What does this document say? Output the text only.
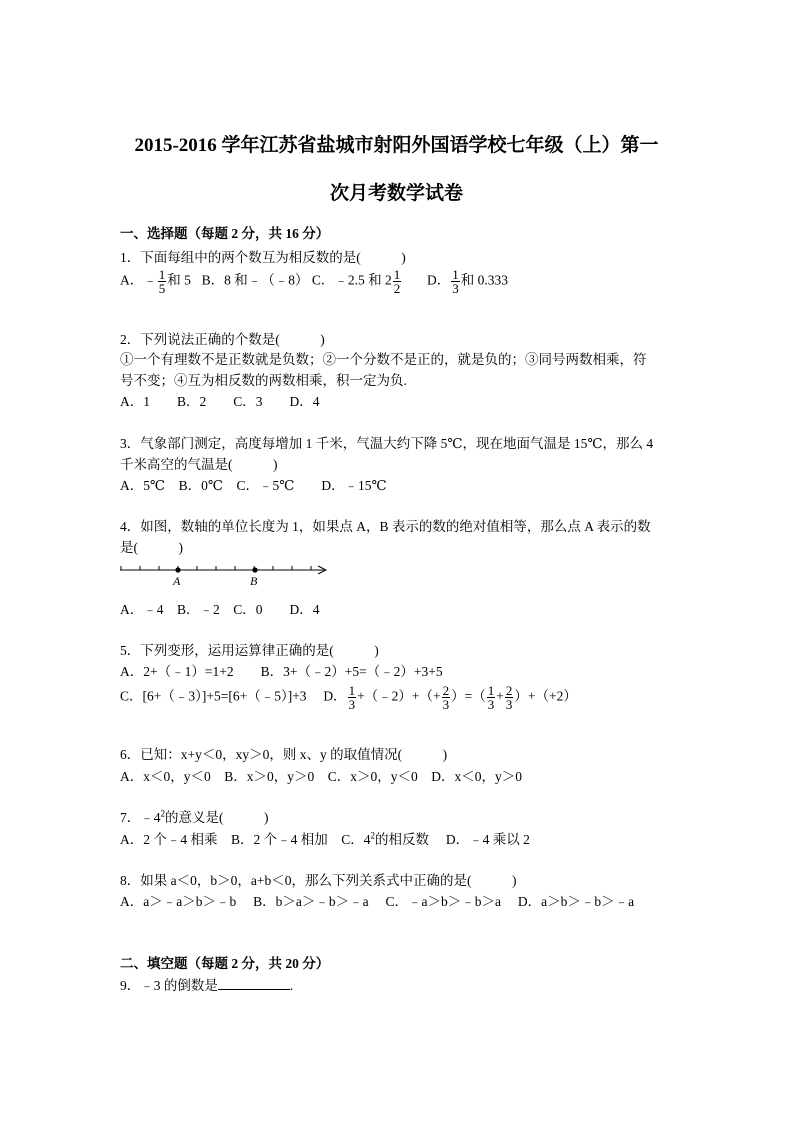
2015-2016 学年江苏省盐城市射阳外国语学校七年级（上）第一
次月考数学试卷
一、选择题（每题 2 分，共 16 分）
1．下面每组中的两个数互为相反数的是(　　　)
A．﹣ $\frac{1}{5}$ 和 5 B．8 和﹣（﹣8） C．﹣2.5 和 $2 \frac{1}{2}$ D． $\frac{1}{3}$ 和 0.333
2．下列说法正确的个数是(　　　)
①一个有理数不是正数就是负数；②一个分数不是正的，就是负的；③同号两数相乘，符
号不变；④互为相反数的两数相乘，积一定为负.
A．1　　B．2　　C．3　　D．4
3．气象部门测定，高度每增加 1 千米，气温大约下降 5℃，现在地面气温是 15℃，那么 4
千米高空的气温是(　　　)
A．5℃　B．0℃　C．﹣5℃　　D．﹣15℃
4．如图，数轴的单位长度为 1，如果点 A，B 表示的数的绝对值相等，那么点 A 表示的数
是(　　　)
A	B
A．﹣4　B．﹣2　C．0　　D．4
5．下列变形，运用运算律正确的是(　　　)
A．2+（﹣1）=1+2　　B．3+（﹣2）+5=（﹣2）+3+5
C．[6+（﹣3）]+5=[6+（﹣5）]+3 D． $\frac{1}{3}$ +（﹣2）+（+ $\frac{2}{3}$ ）=（ $\frac{1}{3} + \frac{2}{3} )+(+2)$
6．已知：x+y＜0，xy＞0，则 x、y 的取值情况(　　　)
A．x＜0，y＜0　B．x＞0，y＞0　C．x＞0，y＜0　D．x＜0，y＞0
7．$﹣4^2$的意义是(　　　)
A．2 个﹣4 相乘　B．2 个﹣4 相加　C．$4^2$的相反数　 D．﹣4 乘以 2
8．如果 a＜0，b＞0，a+b＜0，那么下列关系式中正确的是(　　　)
A．a＞﹣a＞b＞﹣b　 B．b＞a＞﹣b＞﹣a　 C．﹣a＞b＞﹣b＞a　 D．a＞b＞﹣b＞﹣a
二、填空题（每题 2 分，共 20 分）
9．﹣3 的倒数是	.
